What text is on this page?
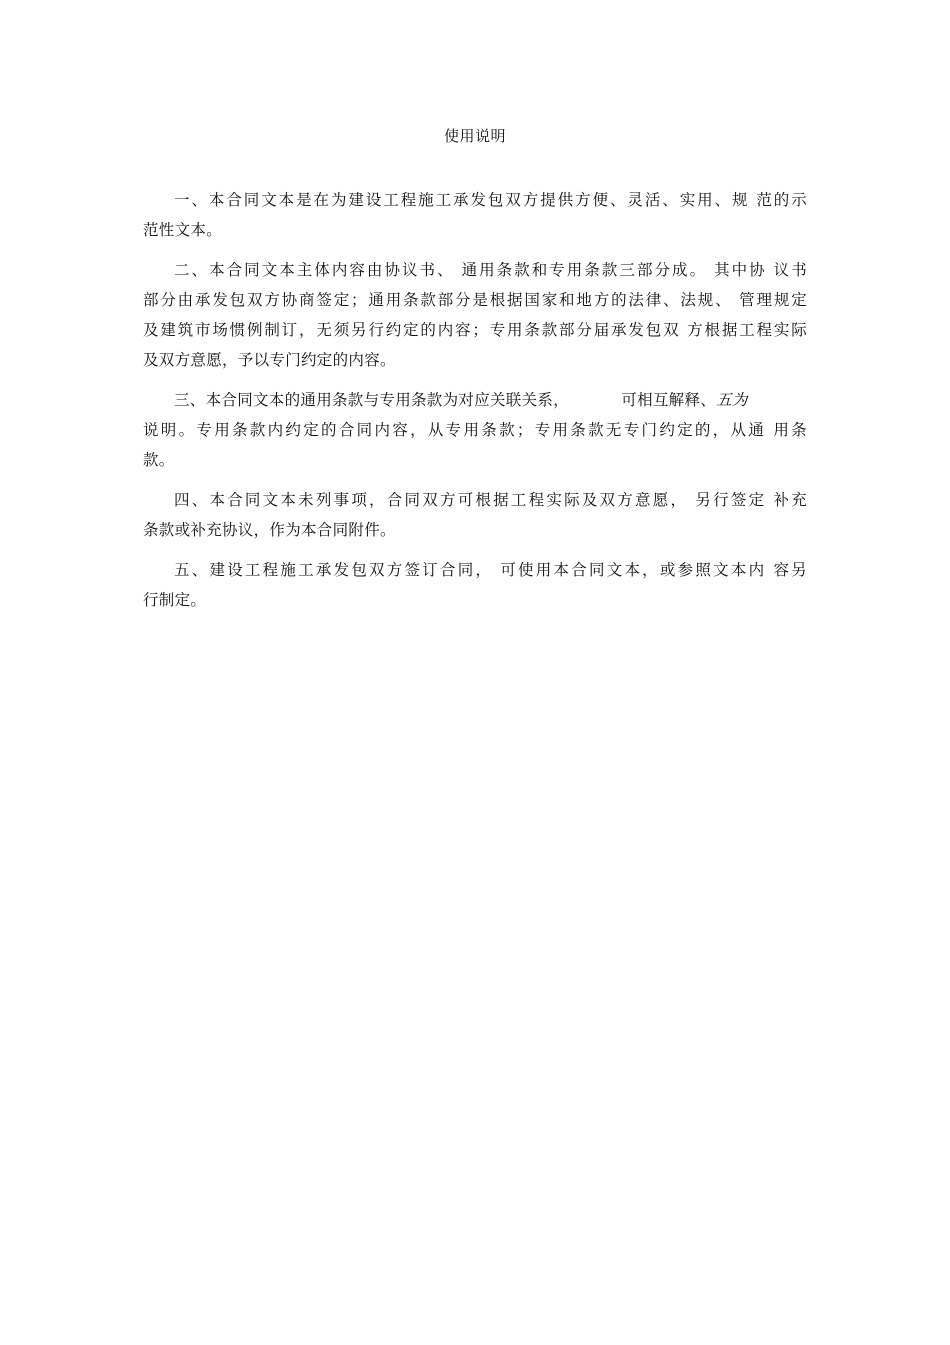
使用说明

一、本合同文本是在为建设工程施工承发包双方提供方便、灵活、实用、规 范的示
范性文本。

二、本合同文本主体内容由协议书、 通用条款和专用条款三部分成。 其中协 议书
部分由承发包双方协商签定；通用条款部分是根据国家和地方的法律、法规、 管理规定
及建筑市场惯例制订，无须另行约定的内容；专用条款部分届承发包双 方根据工程实际
及双方意愿，予以专门约定的内容。

三、本合同文本的通用条款与专用条款为对应关联关系，          可相互解释、五为
说明。专用条款内约定的合同内容，从专用条款；专用条款无专门约定的，从通 用条
款。

四、本合同文本未列事项，合同双方可根据工程实际及双方意愿， 另行签定 补充
条款或补充协议，作为本合同附件。

五、建设工程施工承发包双方签订合同， 可使用本合同文本，或参照文本内 容另
行制定。
